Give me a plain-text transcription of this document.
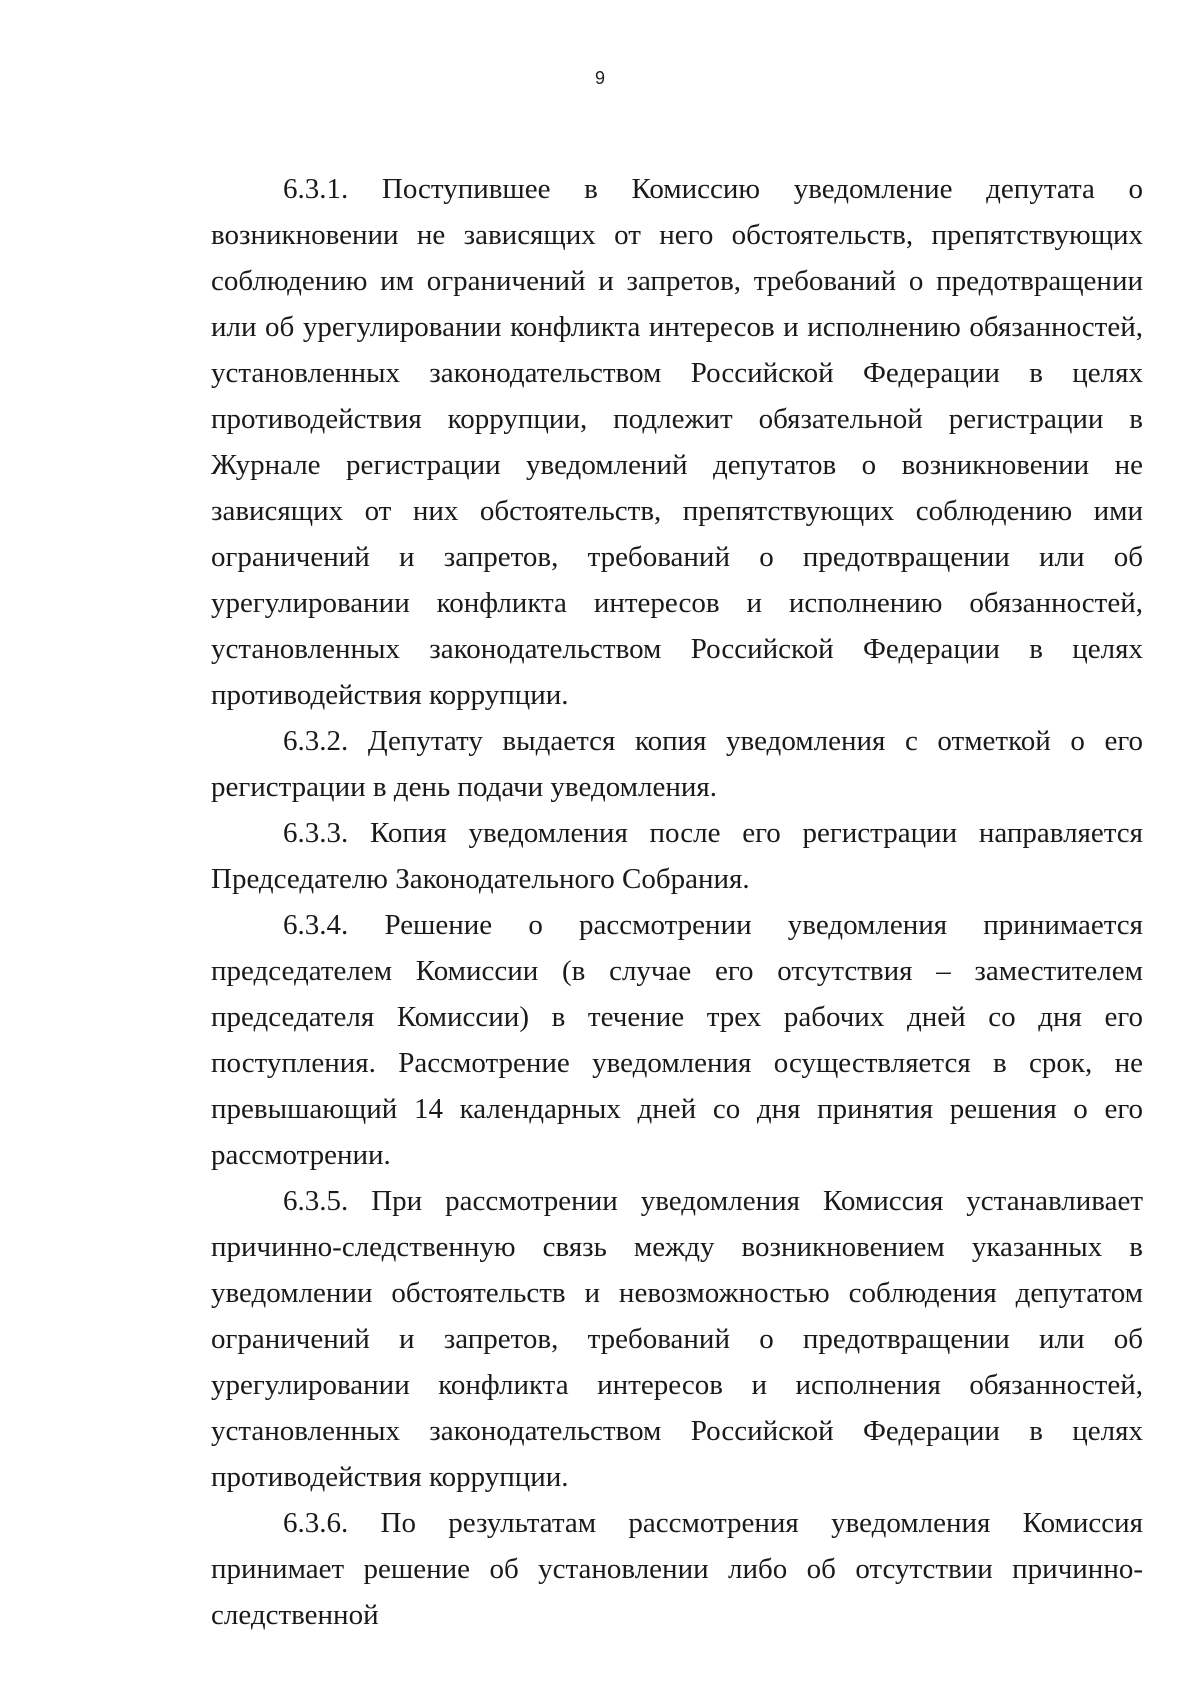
9

6.3.1. Поступившее в Комиссию уведомление депутата о возникновении не зависящих от него обстоятельств, препятствующих соблюдению им ограничений и запретов, требований о предотвращении или об урегулировании конфликта интересов и исполнению обязанностей, установленных законодательством Российской Федерации в целях противодействия коррупции, подлежит обязательной регистрации в Журнале регистрации уведомлений депутатов о возникновении не зависящих от них обстоятельств, препятствующих соблюдению ими ограничений и запретов, требований о предотвращении или об урегулировании конфликта интересов и исполнению обязанностей, установленных законодательством Российской Федерации в целях противодействия коррупции.

6.3.2. Депутату выдается копия уведомления с отметкой о его регистрации в день подачи уведомления.

6.3.3. Копия уведомления после его регистрации направляется Председателю Законодательного Собрания.

6.3.4. Решение о рассмотрении уведомления принимается председателем Комиссии (в случае его отсутствия – заместителем председателя Комиссии) в течение трех рабочих дней со дня его поступления. Рассмотрение уведомления осуществляется в срок, не превышающий 14 календарных дней со дня принятия решения о его рассмотрении.

6.3.5. При рассмотрении уведомления Комиссия устанавливает причинно-следственную связь между возникновением указанных в уведомлении обстоятельств и невозможностью соблюдения депутатом ограничений и запретов, требований о предотвращении или об урегулировании конфликта интересов и исполнения обязанностей, установленных законодательством Российской Федерации в целях противодействия коррупции.

6.3.6. По результатам рассмотрения уведомления Комиссия принимает решение об установлении либо об отсутствии причинно-следственной
